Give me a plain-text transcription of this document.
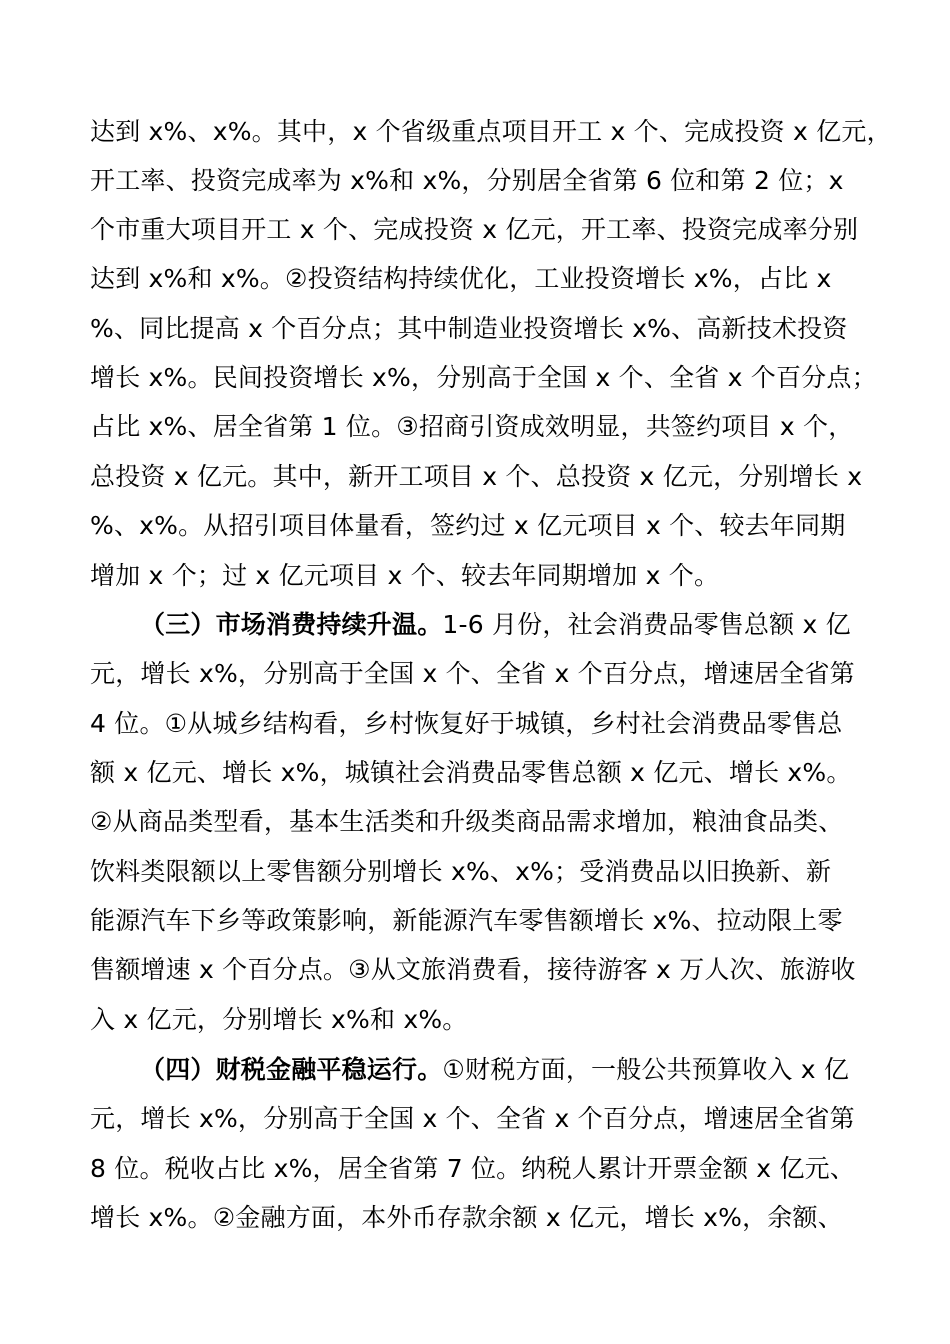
达到 x%、x%。其中，x 个省级重点项目开工 x 个、完成投资 x 亿元，
开工率、投资完成率为 x%和 x%，分别居全省第 6 位和第 2 位；x
个市重大项目开工 x 个、完成投资 x 亿元，开工率、投资完成率分别
达到 x%和 x%。②投资结构持续优化，工业投资增长 x%，占比 x
%、同比提高 x 个百分点；其中制造业投资增长 x%、高新技术投资
增长 x%。民间投资增长 x%，分别高于全国 x 个、全省 x 个百分点；
占比 x%、居全省第 1 位。③招商引资成效明显，共签约项目 x 个，
总投资 x 亿元。其中，新开工项目 x 个、总投资 x 亿元，分别增长 x
%、x%。从招引项目体量看，签约过 x 亿元项目 x 个、较去年同期
增加 x 个；过 x 亿元项目 x 个、较去年同期增加 x 个。
（三）市场消费持续升温。1-6 月份，社会消费品零售总额 x 亿
元，增长 x%，分别高于全国 x 个、全省 x 个百分点，增速居全省第
4 位。①从城乡结构看，乡村恢复好于城镇，乡村社会消费品零售总
额 x 亿元、增长 x%，城镇社会消费品零售总额 x 亿元、增长 x%。
②从商品类型看，基本生活类和升级类商品需求增加，粮油食品类、
饮料类限额以上零售额分别增长 x%、x%；受消费品以旧换新、新
能源汽车下乡等政策影响，新能源汽车零售额增长 x%、拉动限上零
售额增速 x 个百分点。③从文旅消费看，接待游客 x 万人次、旅游收
入 x 亿元，分别增长 x%和 x%。
（四）财税金融平稳运行。①财税方面，一般公共预算收入 x 亿
元，增长 x%，分别高于全国 x 个、全省 x 个百分点，增速居全省第
8 位。税收占比 x%，居全省第 7 位。纳税人累计开票金额 x 亿元、
增长 x%。②金融方面，本外币存款余额 x 亿元，增长 x%，余额、
